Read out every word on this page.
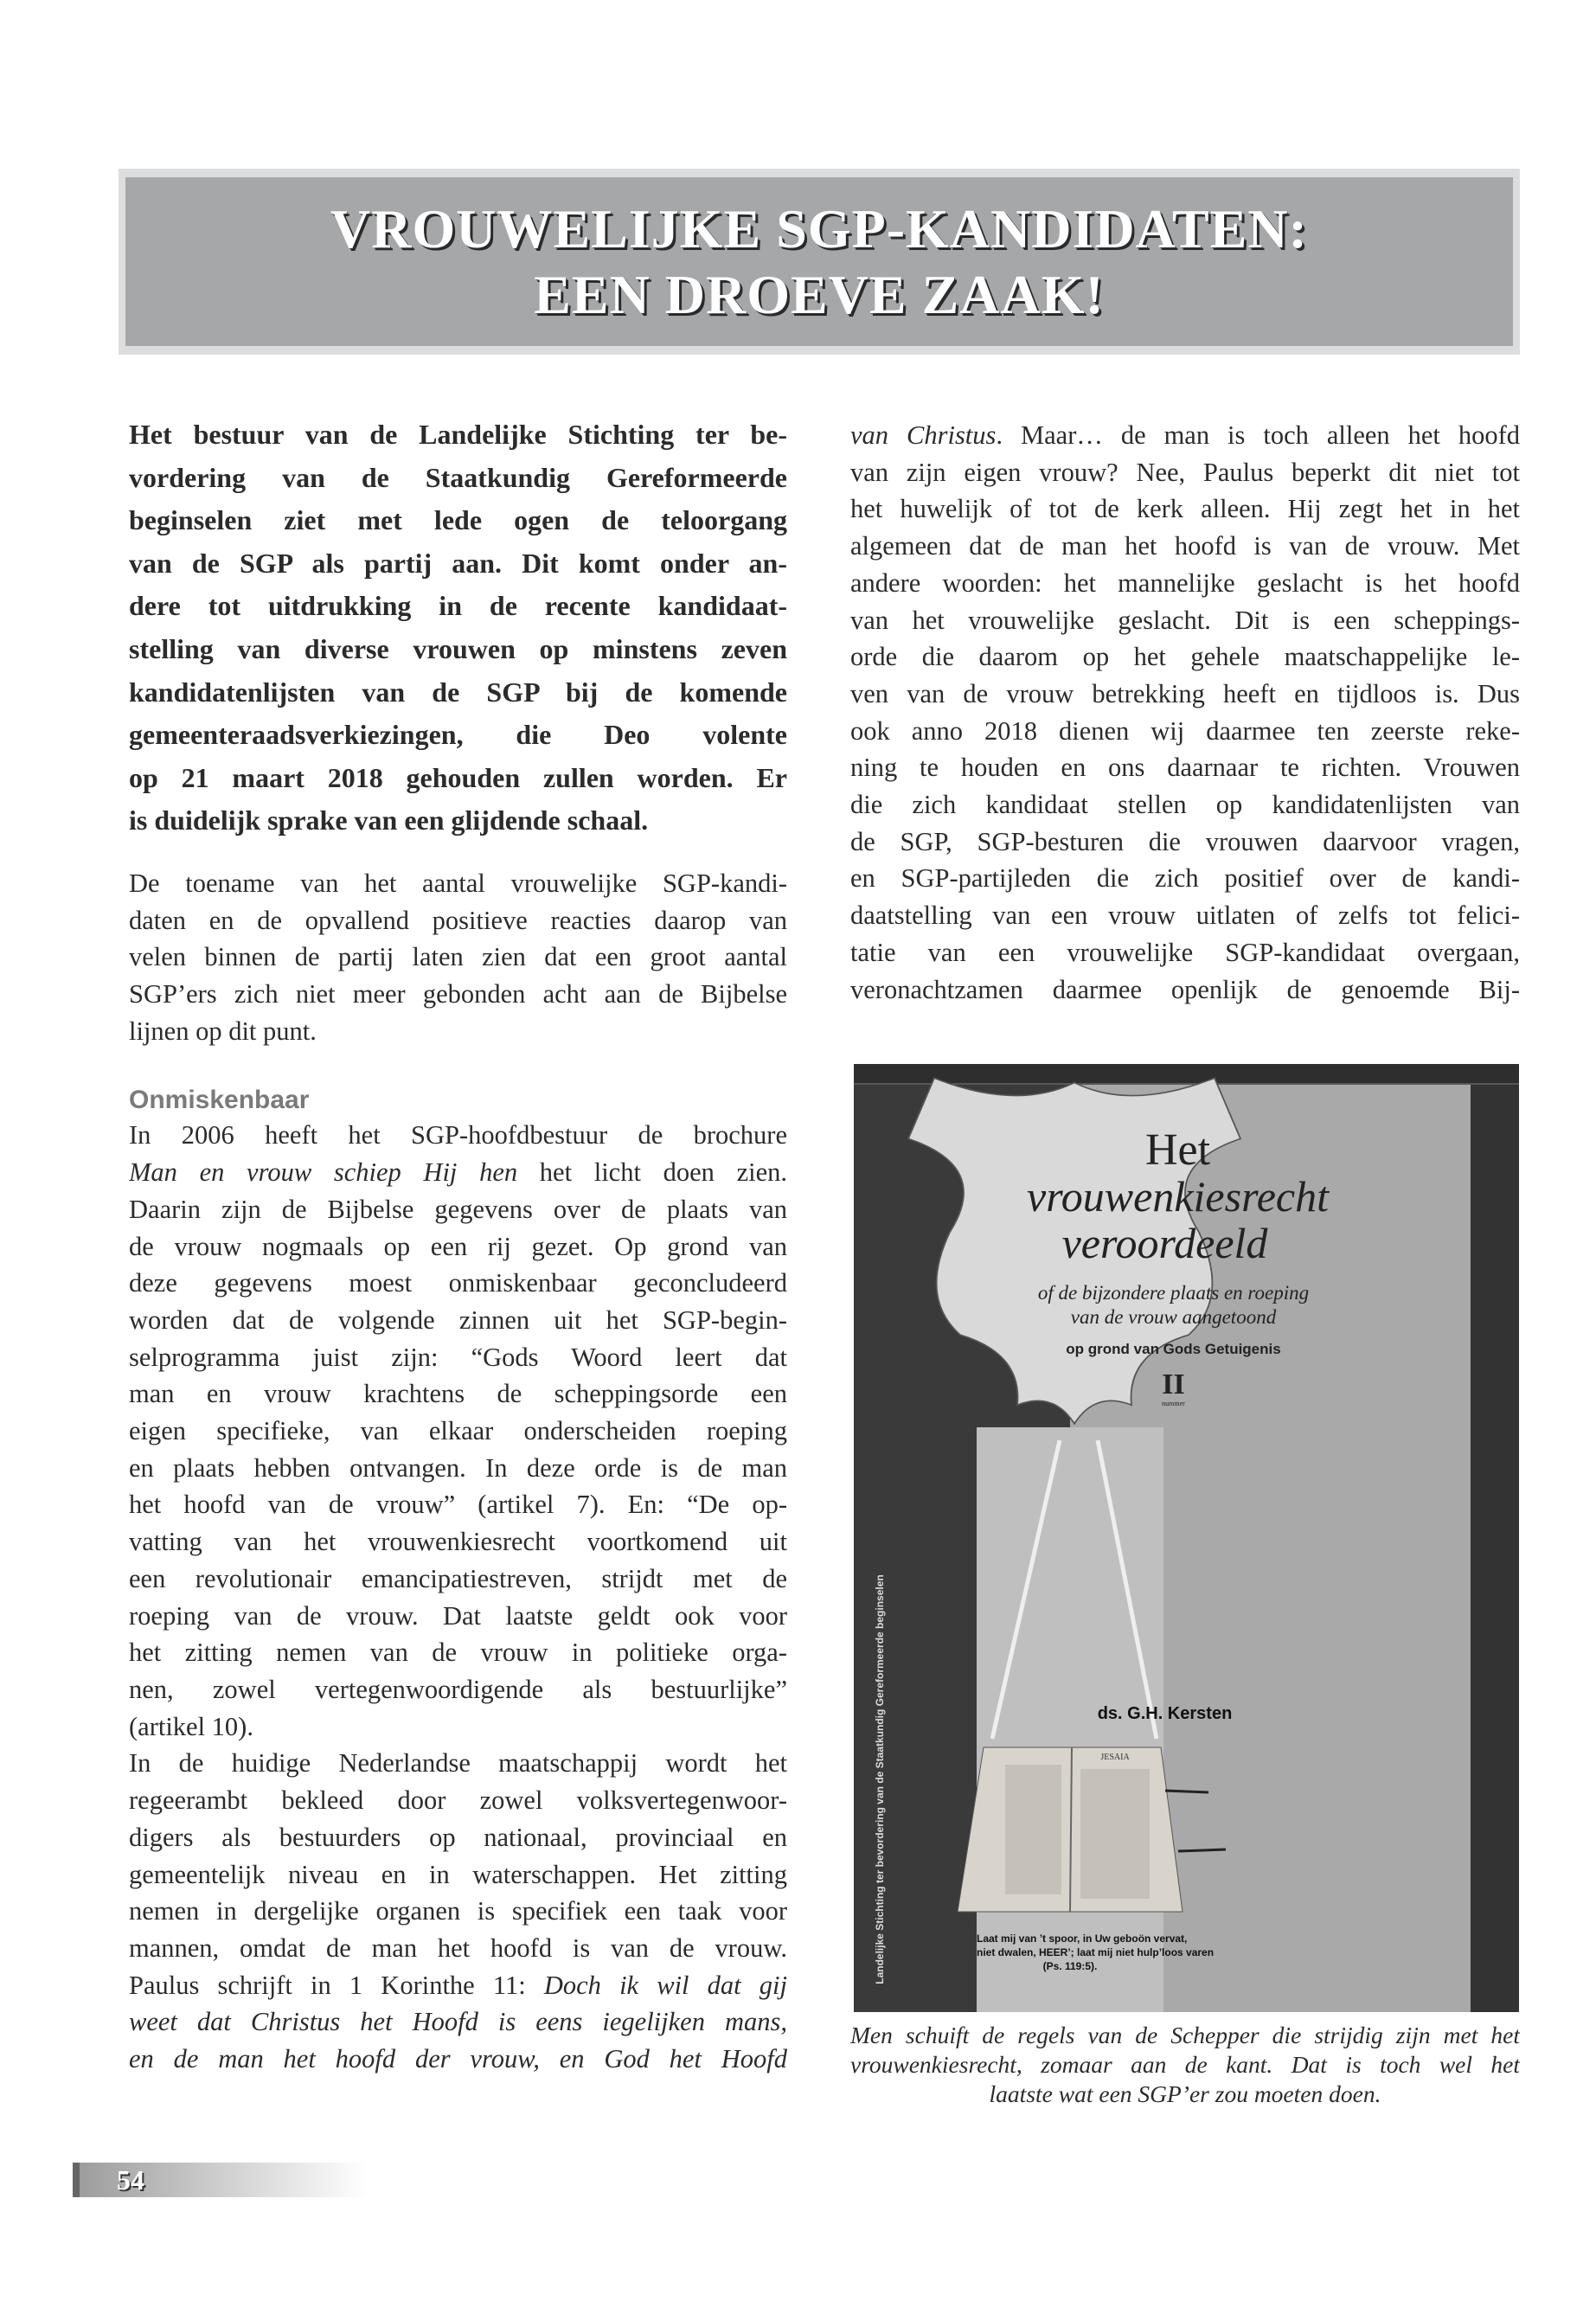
VROUWELIJKE SGP-KANDIDATEN:
EEN DROEVE ZAAK!
Het bestuur van de Landelijke Stichting ter be-
vordering van de Staatkundig Gereformeerde
beginselen ziet met lede ogen de teloorgang
van de SGP als partij aan. Dit komt onder an-
dere tot uitdrukking in de recente kandidaat-
stelling van diverse vrouwen op minstens zeven
kandidatenlijsten van de SGP bij de komende
gemeenteraadsverkiezingen, die Deo volente
op 21 maart 2018 gehouden zullen worden. Er
is duidelijk sprake van een glijdende schaal.
De toename van het aantal vrouwelijke SGP-kandi-
daten en de opvallend positieve reacties daarop van
velen binnen de partij laten zien dat een groot aantal
SGP’ers zich niet meer gebonden acht aan de Bijbelse
lijnen op dit punt.
Onmiskenbaar
In 2006 heeft het SGP-hoofdbestuur de brochure
Man en vrouw schiep Hij hen het licht doen zien.
Daarin zijn de Bijbelse gegevens over de plaats van
de vrouw nogmaals op een rij gezet. Op grond van
deze gegevens moest onmiskenbaar geconcludeerd
worden dat de volgende zinnen uit het SGP-begin-
selprogramma juist zijn: “Gods Woord leert dat
man en vrouw krachtens de scheppingsorde een
eigen specifieke, van elkaar onderscheiden roeping
en plaats hebben ontvangen. In deze orde is de man
het hoofd van de vrouw” (artikel 7). En: “De op-
vatting van het vrouwenkiesrecht voortkomend uit
een revolutionair emancipatiestreven, strijdt met de
roeping van de vrouw. Dat laatste geldt ook voor
het zitting nemen van de vrouw in politieke orga-
nen, zowel vertegenwoordigende als bestuurlijke”
(artikel 10).
In de huidige Nederlandse maatschappij wordt het
regeerambt bekleed door zowel volksvertegenwoor-
digers als bestuurders op nationaal, provinciaal en
gemeentelijk niveau en in waterschappen. Het zitting
nemen in dergelijke organen is specifiek een taak voor
mannen, omdat de man het hoofd is van de vrouw.
Paulus schrijft in 1 Korinthe 11: Doch ik wil dat gij
weet dat Christus het Hoofd is eens iegelijken mans,
en de man het hoofd der vrouw, en God het Hoofd
van Christus. Maar… de man is toch alleen het hoofd
van zijn eigen vrouw? Nee, Paulus beperkt dit niet tot
het huwelijk of tot de kerk alleen. Hij zegt het in het
algemeen dat de man het hoofd is van de vrouw. Met
andere woorden: het mannelijke geslacht is het hoofd
van het vrouwelijke geslacht. Dit is een scheppings-
orde die daarom op het gehele maatschappelijke le-
ven van de vrouw betrekking heeft en tijdloos is. Dus
ook anno 2018 dienen wij daarmee ten zeerste reke-
ning te houden en ons daarnaar te richten. Vrouwen
die zich kandidaat stellen op kandidatenlijsten van
de SGP, SGP-besturen die vrouwen daarvoor vragen,
en SGP-partijleden die zich positief over de kandi-
daatstelling van een vrouw uitlaten of zelfs tot felici-
tatie van een vrouwelijke SGP-kandidaat overgaan,
veronachtzamen daarmee openlijk de genoemde Bij-
Het
vrouwenkiesrecht
veroordeeld
of de bijzondere plaats en roeping
van de vrouw aangetoond
op grond van Gods Getuigenis
II
nummer
ds. G.H. Kersten
JESAIA
Laat mij van ’t spoor, in Uw geboön vervat,
niet dwalen, HEER’; laat mij niet hulp’loos varen
(Ps. 119:5).
Landelijke Stichting ter bevordering van de Staatkundig Gereformeerde beginselen
Men schuift de regels van de Schepper die strijdig zijn met het
vrouwenkiesrecht, zomaar aan de kant. Dat is toch wel het
laatste wat een SGP’er zou moeten doen.
54
